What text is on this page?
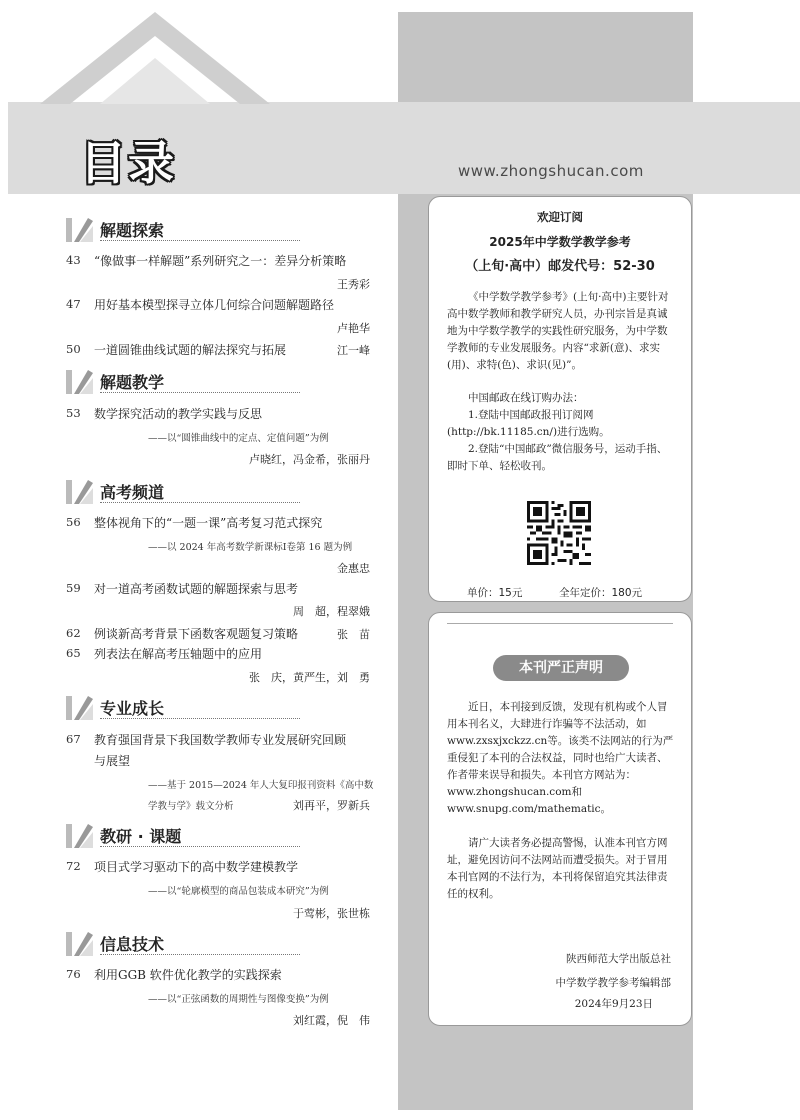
目录	www.zhongshucan.com
解题探索
43 “像做事一样解题”系列研究之一：差异分析策略
王秀彩
47 用好基本模型探寻立体几何综合问题解题路径
卢艳华
50 一道圆锥曲线试题的解法探究与拓展	江一峰
解题教学
53 数学探究活动的教学实践与反思
——以“圆锥曲线中的定点、定值问题”为例
卢晓红，冯金希，张丽丹
高考频道
56 整体视角下的“一题一课”高考复习范式探究
——以 2024 年高考数学新课标Ⅰ卷第 16 题为例
金惠忠
59 对一道高考函数试题的解题探索与思考
周　超，程翠娥
62 例谈新高考背景下函数客观题复习策略	张　苗
65 列表法在解高考压轴题中的应用
张　庆，黄严生，刘　勇
专业成长
67 教育强国背景下我国数学教师专业发展研究回顾
与展望
——基于 2015—2024 年人大复印报刊资料《高中数
学教与学》载文分析	刘再平，罗新兵
教研 · 课题
72 项目式学习驱动下的高中数学建模教学
——以“轮廓模型的商品包装成本研究”为例
于莺彬，张世栋
信息技术
76 利用GGB 软件优化教学的实践探索
——以“正弦函数的周期性与图像变换”为例
刘红霞，倪　伟
欢迎订阅
2025年中学数学教学参考
（上旬·高中）邮发代号：52-30
《中学数学教学参考》(上旬·高中)主要针对高中数学教师和教学研究人员，办刊宗旨是真诚地为中学数学教学的实践性研究服务，为中学数学教师的专业发展服务。内容“求新(意)、求实(用)、求特(色)、求识(见)”。
中国邮政在线订购办法：
1.登陆中国邮政报刊订阅网(http://bk.11185.cn/)进行选购。
2.登陆“中国邮政”微信服务号，运动手指、即时下单、轻松收刊。
单价：15元	全年定价：180元
本刊严正声明
近日，本刊接到反馈，发现有机构或个人冒用本刊名义，大肆进行诈骗等不法活动，如www.zxsxjxckzz.cn等。该类不法网站的行为严重侵犯了本刊的合法权益，同时也给广大读者、作者带来误导和损失。本刊官方网站为：www.zhongshucan.com和www.snupg.com/mathematic。
请广大读者务必提高警惕，认准本刊官方网址，避免因访问不法网站而遭受损失。对于冒用本刊官网的不法行为，本刊将保留追究其法律责任的权利。
陕西师范大学出版总社
中学数学教学参考编辑部
2024年9月23日
